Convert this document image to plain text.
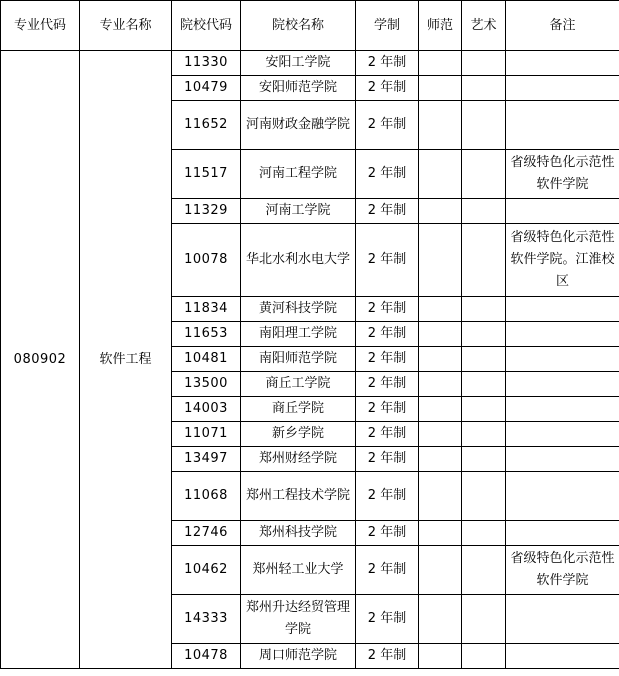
专业代码	专业名称	院校代码	院校名称	学制	师范	艺术	备注
080902	软件工程	11330	安阳工学院	2 年制			
		10479	安阳师范学院	2 年制			
		11652	河南财政金融学院	2 年制			
		11517	河南工程学院	2 年制			省级特色化示范性软件学院
		11329	河南工学院	2 年制			
		10078	华北水利水电大学	2 年制			省级特色化示范性软件学院。江淮校区
		11834	黄河科技学院	2 年制			
		11653	南阳理工学院	2 年制			
		10481	南阳师范学院	2 年制			
		13500	商丘工学院	2 年制			
		14003	商丘学院	2 年制			
		11071	新乡学院	2 年制			
		13497	郑州财经学院	2 年制			
		11068	郑州工程技术学院	2 年制			
		12746	郑州科技学院	2 年制			
		10462	郑州轻工业大学	2 年制			省级特色化示范性软件学院
		14333	郑州升达经贸管理学院	2 年制			
		10478	周口师范学院	2 年制			
